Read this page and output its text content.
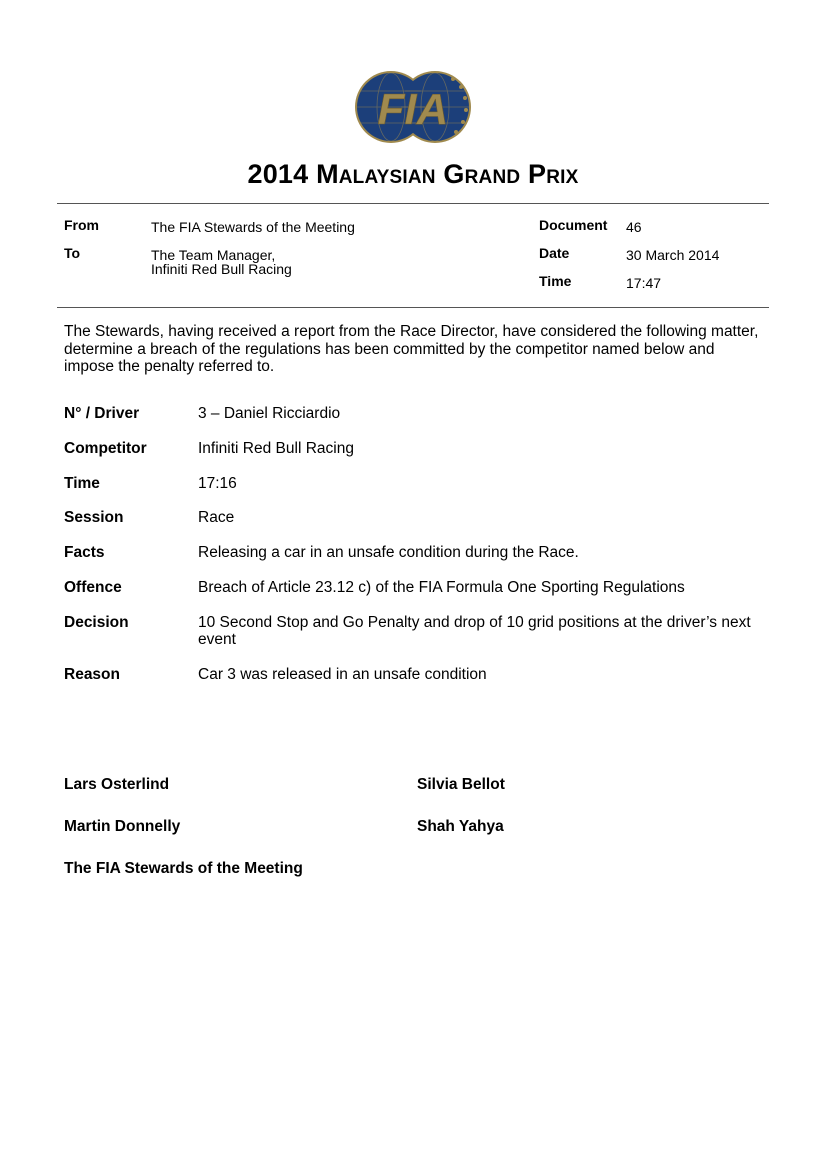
FIA
2014 Malaysian Grand Prix
From	The FIA Stewards of the Meeting
To	The Team Manager,
Infiniti Red Bull Racing
Document 46
Date	30 March 2014
Time	17:47
The Stewards, having received a report from the Race Director, have considered the following matter, determine a breach of the regulations has been committed by the competitor named below and impose the penalty referred to.
N° / Driver	3 – Daniel Ricciardio
Competitor	Infiniti Red Bull Racing
Time	17:16
Session	Race
Facts	Releasing a car in an unsafe condition during the Race.
Offence	Breach of Article 23.12 c) of the FIA Formula One Sporting Regulations
Decision	10 Second Stop and Go Penalty and drop of 10 grid positions at the driver’s next event
Reason	Car 3 was released in an unsafe condition
Lars Osterlind	Silvia Bellot
Martin Donnelly	Shah Yahya
The FIA Stewards of the Meeting
